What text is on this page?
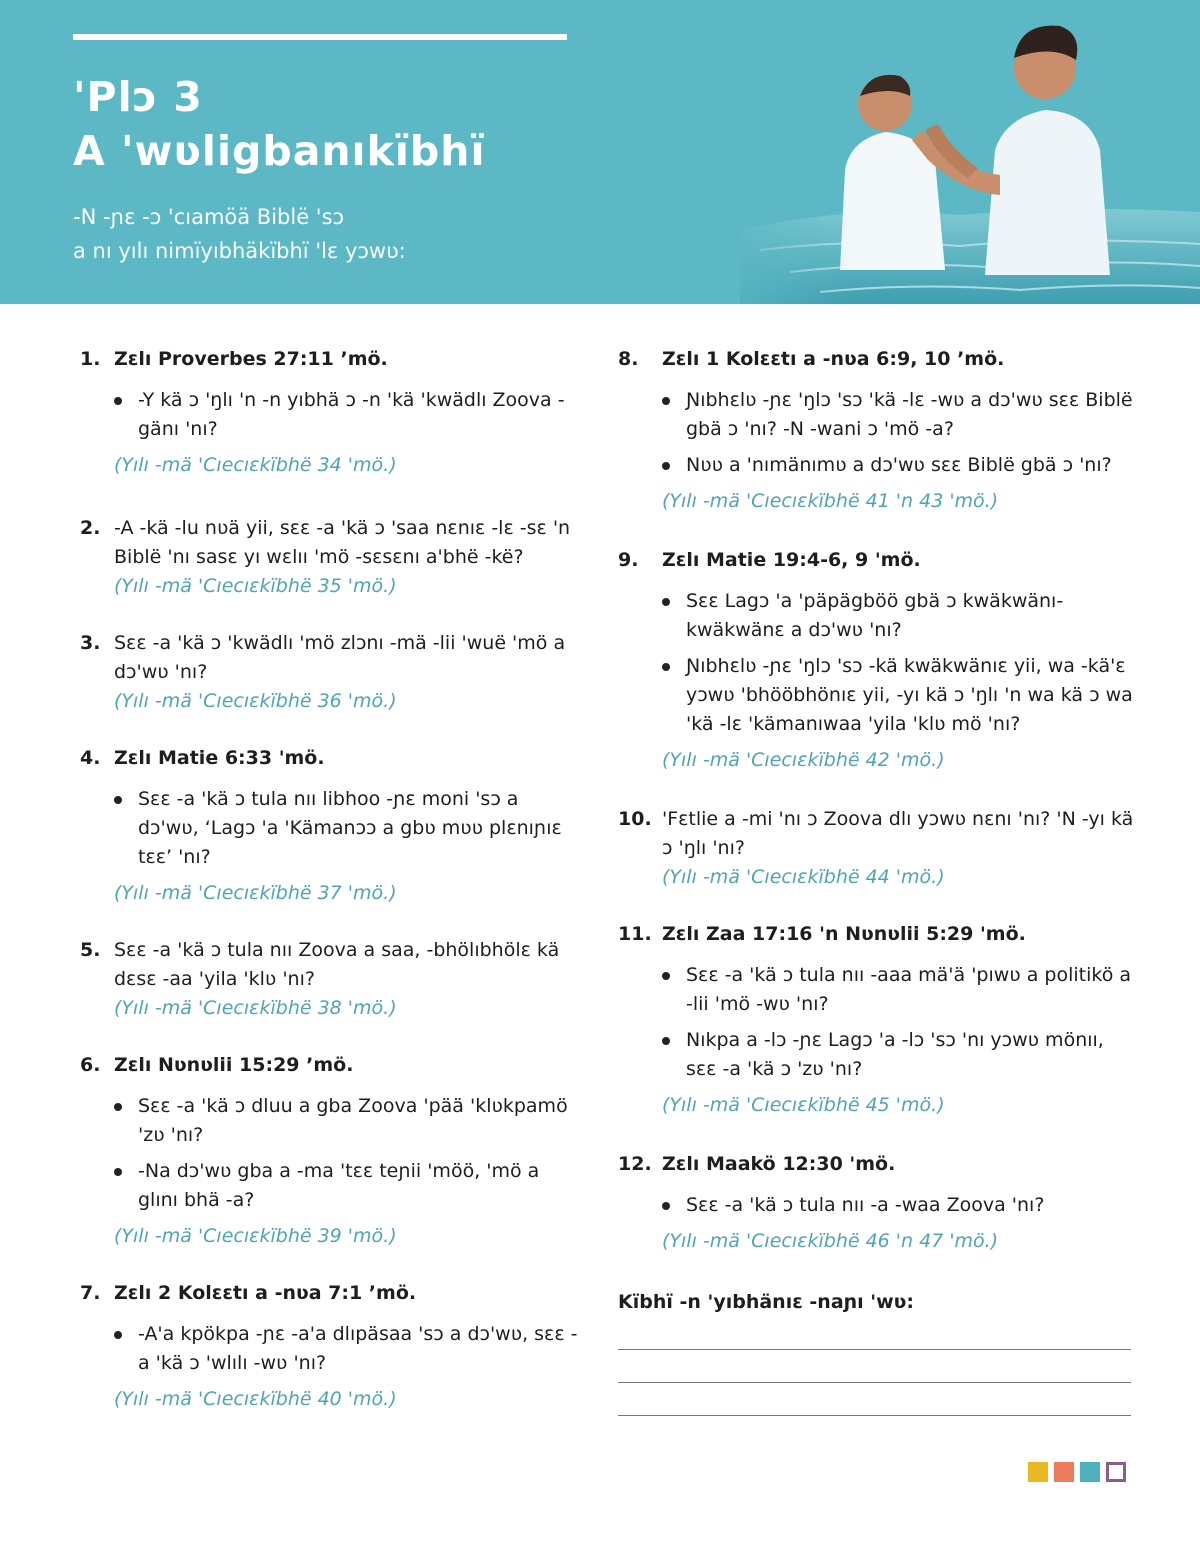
'Plɔ 3
A 'wʋligbanıkïbhï

-N -ɲɛ -ɔ 'cıamöä Biblë 'sɔ
a nı yılı nimïyıbhäkïbhï 'lɛ yɔwʋ:

1. Zɛlı Proverbes 27:11 ’mö.
-Y kä ɔ 'ŋlı 'n -n yıbhä ɔ -n 'kä 'kwädlı Zoova -gänı 'nı?
(Yılı -mä 'Cıecıɛkïbhë 34 'mö.)
2. -A -kä -lu nʋä yii, sɛɛ -a 'kä ɔ 'saa nɛnıɛ -lɛ -sɛ 'n Biblë 'nı sasɛ yı wɛlıı 'mö -sɛsɛnı a'bhë -kë?
(Yılı -mä 'Cıecıɛkïbhë 35 'mö.)
3. Sɛɛ -a 'kä ɔ 'kwädlı 'mö zlɔnı -mä -lii 'wuë 'mö a dɔ'wʋ 'nı?
(Yılı -mä 'Cıecıɛkïbhë 36 'mö.)
4. Zɛlı Matie 6:33 'mö.
Sɛɛ -a 'kä ɔ tula nıı libhoo -ɲɛ moni 'sɔ a dɔ'wʋ, ‘Lagɔ 'a 'Kämanɔɔ a gbʋ mʋʋ plɛnıɲıɛ tɛɛ’ 'nı?
(Yılı -mä 'Cıecıɛkïbhë 37 'mö.)
5. Sɛɛ -a 'kä ɔ tula nıı Zoova a saa, -bhölıbhölɛ kä dɛsɛ -aa 'yila 'klʋ 'nı?
(Yılı -mä 'Cıecıɛkïbhë 38 'mö.)
6. Zɛlı Nʋnʋlii 15:29 ’mö.
Sɛɛ -a 'kä ɔ dluu a gba Zoova 'pää 'klʋkpamö 'zʋ 'nı?
-Na dɔ'wʋ gba a -ma 'tɛɛ teɲii 'möö, 'mö a glını bhä -a?
(Yılı -mä 'Cıecıɛkïbhë 39 'mö.)
7. Zɛlı 2 Kolɛɛtı a -nʋa 7:1 ’mö.
-A'a kpökpa -ɲɛ -a'a dlıpäsaa 'sɔ a dɔ'wʋ, sɛɛ -a 'kä ɔ 'wlılı -wʋ 'nı?
(Yılı -mä 'Cıecıɛkïbhë 40 'mö.)
8.	Zɛlı 1 Kolɛɛtı a -nʋa 6:9, 10 ’mö.
Ɲıbhɛlʋ -ɲɛ 'ŋlɔ 'sɔ 'kä -lɛ -wʋ a dɔ'wʋ sɛɛ Biblë gbä ɔ 'nı? -N -wani ɔ 'mö -a?
Nʋʋ a 'nımänımʋ a dɔ'wʋ sɛɛ Biblë gbä ɔ 'nı?
(Yılı -mä 'Cıecıɛkïbhë 41 'n 43 'mö.)
9.	Zɛlı Matie 19:4-6, 9 'mö.
Sɛɛ Lagɔ 'a 'päpägböö gbä ɔ kwäkwänı-kwäkwänɛ a dɔ'wʋ 'nı?
Ɲıbhɛlʋ -ɲɛ 'ŋlɔ 'sɔ -kä kwäkwänıɛ yii, wa -kä'ɛ yɔwʋ 'bhööbhönıɛ yii, -yı kä ɔ 'ŋlı 'n wa kä ɔ wa 'kä -lɛ 'kämanıwaa 'yila 'klʋ mö 'nı?
(Yılı -mä 'Cıecıɛkïbhë 42 'mö.)
10. 'Fɛtlie a -mi 'nı ɔ Zoova dlı yɔwʋ nɛnı 'nı? 'N -yı kä ɔ 'ŋlı 'nı?
(Yılı -mä 'Cıecıɛkïbhë 44 'mö.)
11. Zɛlı Zaa 17:16 'n Nʋnʋlii 5:29 'mö.
Sɛɛ -a 'kä ɔ tula nıı -aaa mä'ä 'pıwʋ a politikö a -lii 'mö -wʋ 'nı?
Nıkpa a -lɔ -ɲɛ Lagɔ 'a -lɔ 'sɔ 'nı yɔwʋ mönıı, sɛɛ -a 'kä ɔ 'zʋ 'nı?
(Yılı -mä 'Cıecıɛkïbhë 45 'mö.)
12. Zɛlı Maakö 12:30 'mö.
Sɛɛ -a 'kä ɔ tula nıı -a -waa Zoova 'nı?
(Yılı -mä 'Cıecıɛkïbhë 46 'n 47 'mö.)

Kïbhï -n 'yıbhänıɛ -naɲı 'wʋ:
